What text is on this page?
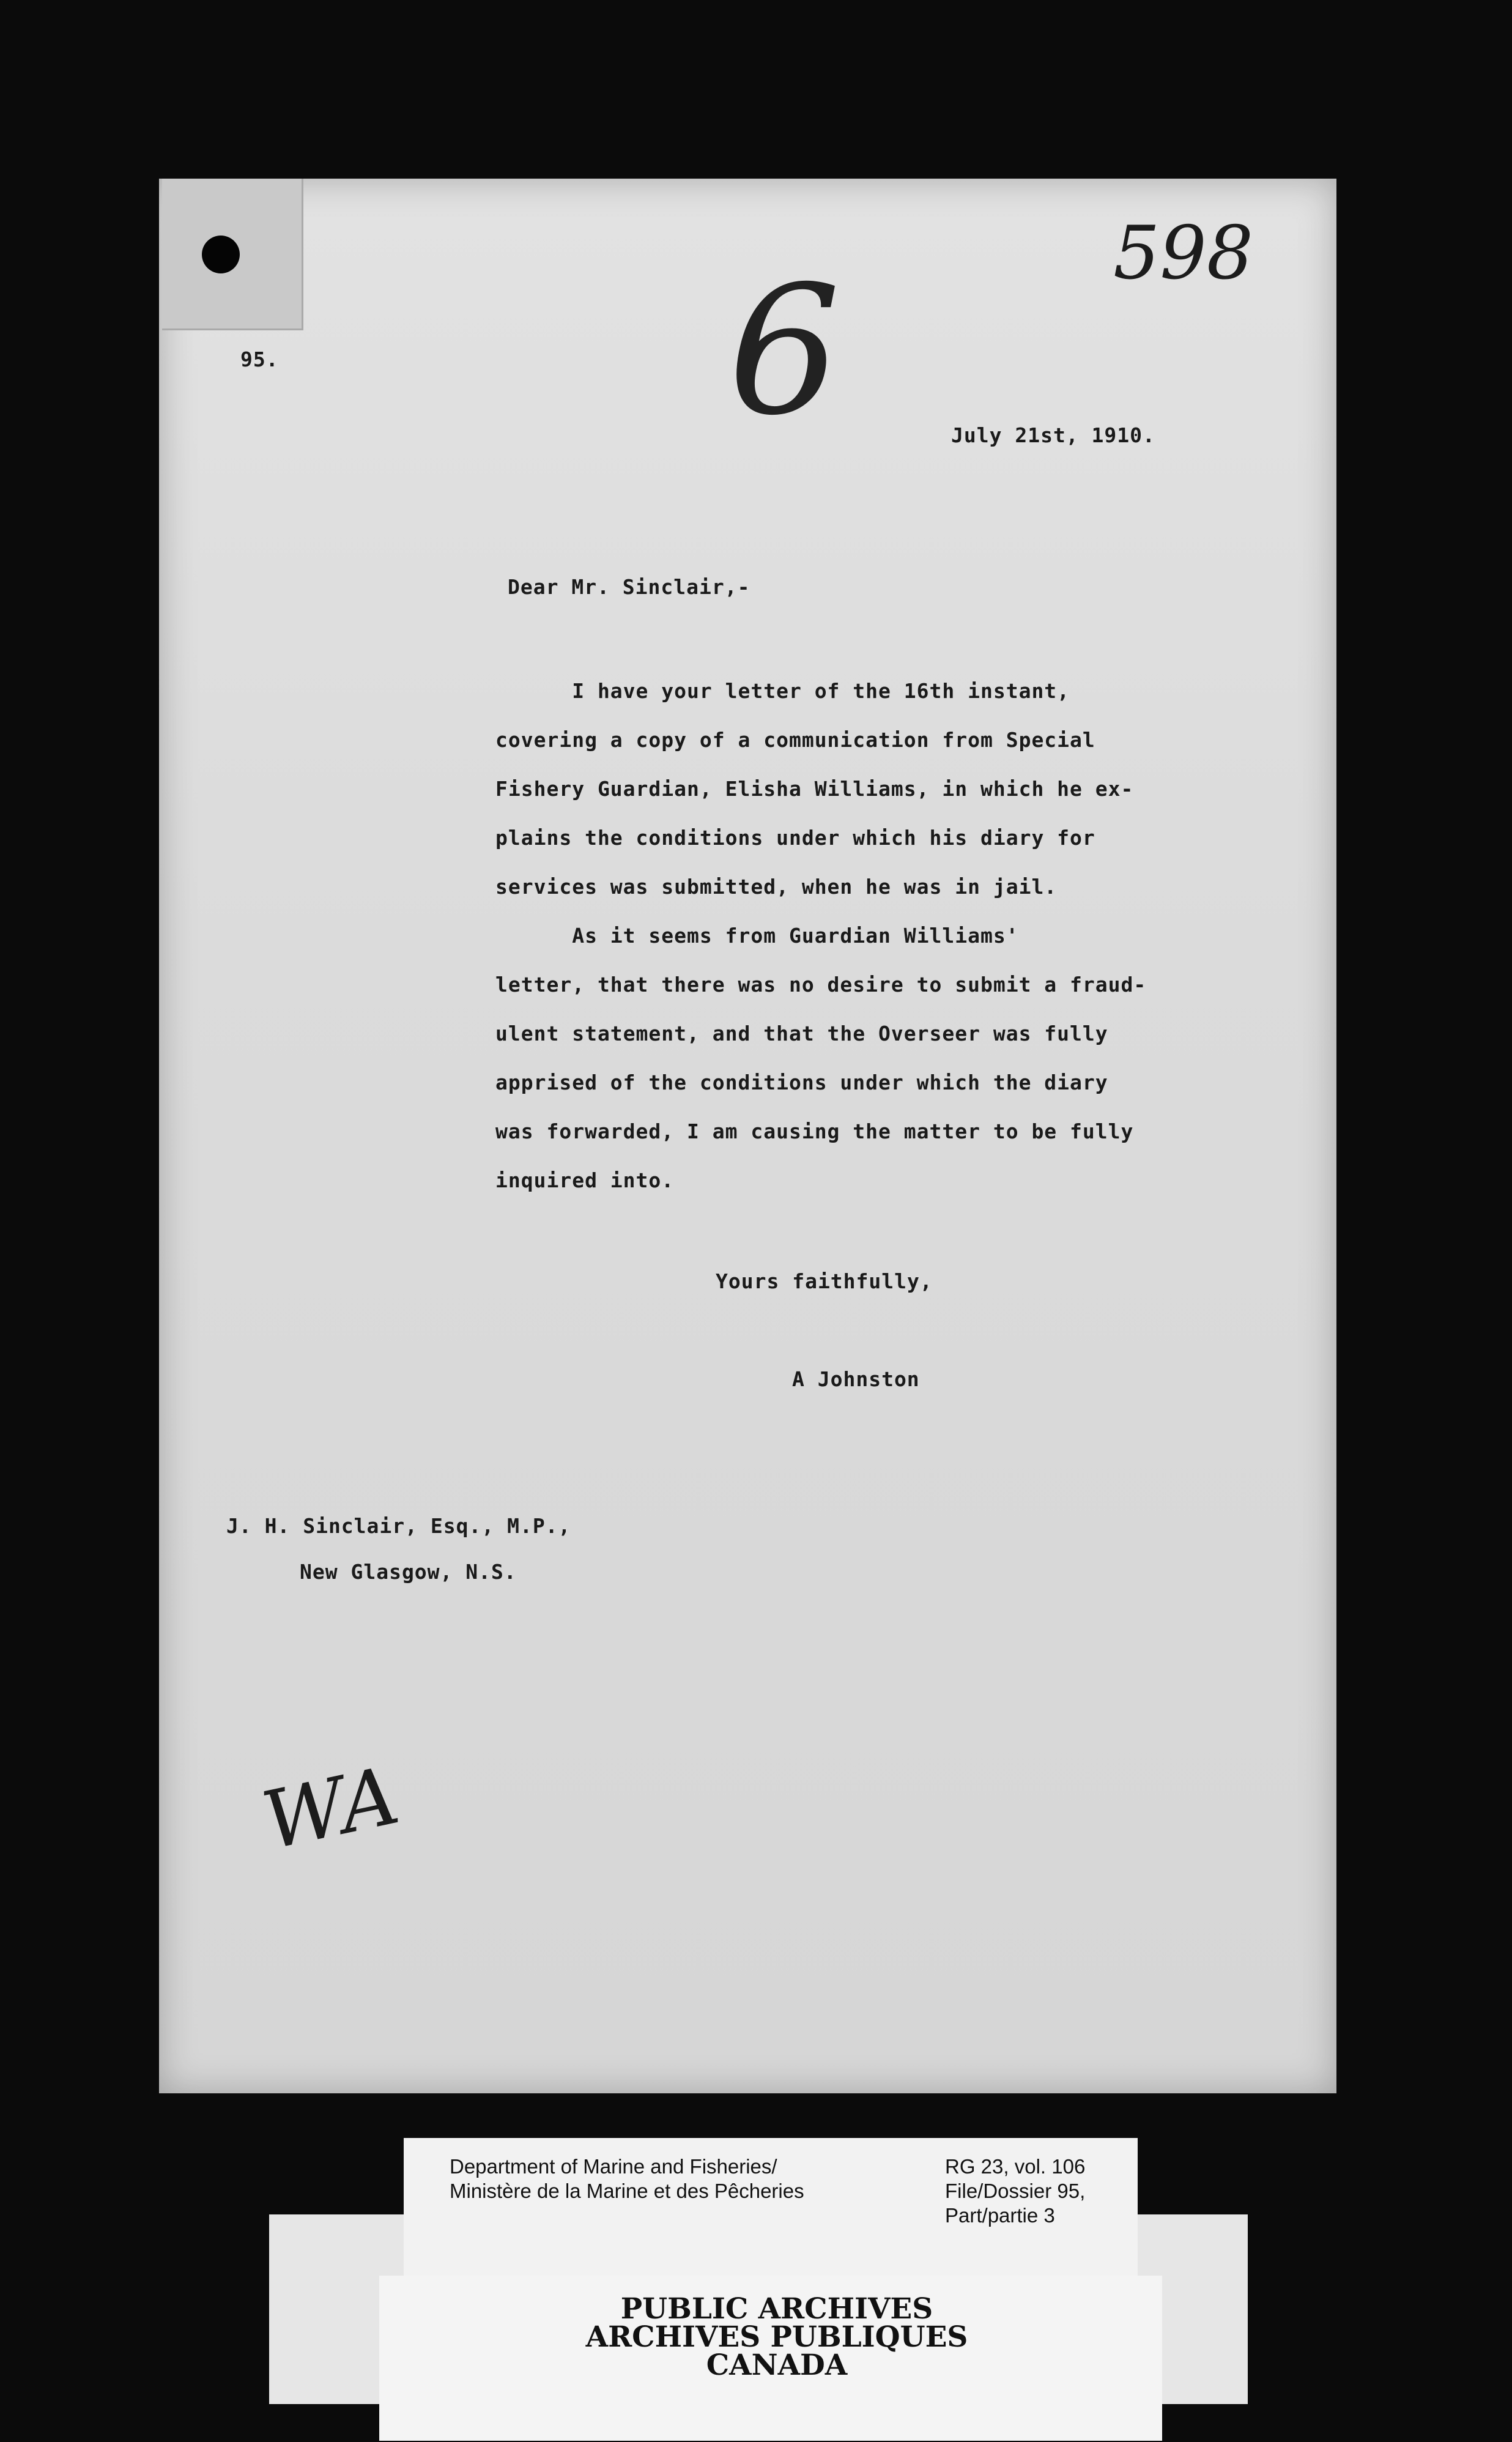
95.
598
6	July 21st, 1910.
Dear Mr. Sinclair,-
I have your letter of the 16th instant,
covering a copy of a communication from Special
Fishery Guardian, Elisha Williams, in which he ex-
plains the conditions under which his diary for
services was submitted, when he was in jail.
As it seems from Guardian Williams'
letter, that there was no desire to submit a fraud-
ulent statement, and that the Overseer was fully
apprised of the conditions under which the diary
was forwarded, I am causing the matter to be fully
inquired into.
Yours faithfully,
A Johnston
J. H. Sinclair, Esq., M.P.,
New Glasgow, N.S.
WA
Department of Marine and Fisheries/
Ministère de la Marine et des Pêcheries
RG 23, vol. 106
File/Dossier 95,
Part/partie 3
PUBLIC ARCHIVES
ARCHIVES PUBLIQUES
CANADA
